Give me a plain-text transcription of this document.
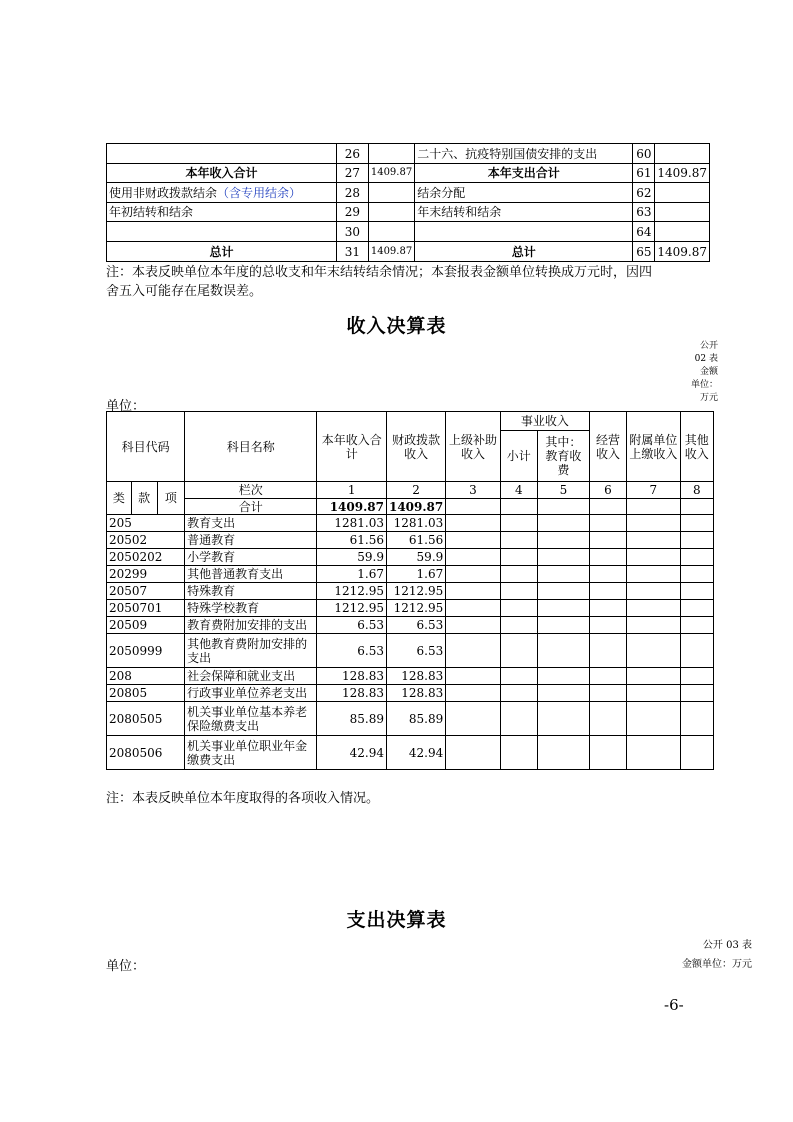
	26		二十六、抗疫特别国债安排的支出	60	
本年收入合计	27	1409.87	本年支出合计	61	1409.87
使用非财政拨款结余（含专用结余）	28		结余分配	62	
年初结转和结余	29		年末结转和结余	63	
	30			64	
总计	31	1409.87	总计	65	1409.87
注：本表反映单位本年度的总收支和年末结转结余情况；本套报表金额单位转换成万元时，因四
舍五入可能存在尾数误差。
收入决算表
公开
02 表
金额
单位：
万元
单位：
科目代码			科目名称	本年收入合计	财政拨款收入	上级补助收入	事业收入		经营收入	附属单位上缴收入	其他收入
							小计	其中：教育收费			
类	款	项	栏次	1	2	3	4	5	6	7	8
			合计	1409.87	1409.87						
205			教育支出	1281.03	1281.03						
20502			普通教育	61.56	61.56						
2050202			小学教育	59.9	59.9						
20299			其他普通教育支出	1.67	1.67						
20507			特殊教育	1212.95	1212.95						
2050701			特殊学校教育	1212.95	1212.95						
20509			教育费附加安排的支出	6.53	6.53						
2050999			其他教育费附加安排的支出	6.53	6.53						
208			社会保障和就业支出	128.83	128.83						
20805			行政事业单位养老支出	128.83	128.83						
2080505			机关事业单位基本养老保险缴费支出	85.89	85.89						
2080506			机关事业单位职业年金缴费支出	42.94	42.94						
注：本表反映单位本年度取得的各项收入情况。
支出决算表
公开 03 表
金额单位：万元
单位：
-6-
